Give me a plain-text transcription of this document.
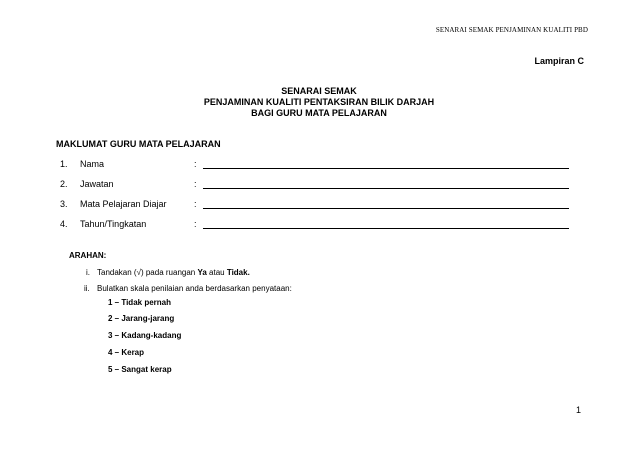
SENARAI SEMAK PENJAMINAN KUALITI PBD
Lampiran C
SENARAI SEMAK
PENJAMINAN KUALITI PENTAKSIRAN BILIK DARJAH
BAGI GURU MATA PELAJARAN
MAKLUMAT GURU MATA PELAJARAN
1. Nama	:
2. Jawatan	:
3. Mata Pelajaran Diajar	:
4. Tahun/Tingkatan	:
ARAHAN:
i. Tandakan (√) pada ruangan Ya atau Tidak.
ii. Bulatkan skala penilaian anda berdasarkan penyataan:
1 – Tidak pernah
2 – Jarang-jarang
3 – Kadang-kadang
4 – Kerap
5 – Sangat kerap
1
